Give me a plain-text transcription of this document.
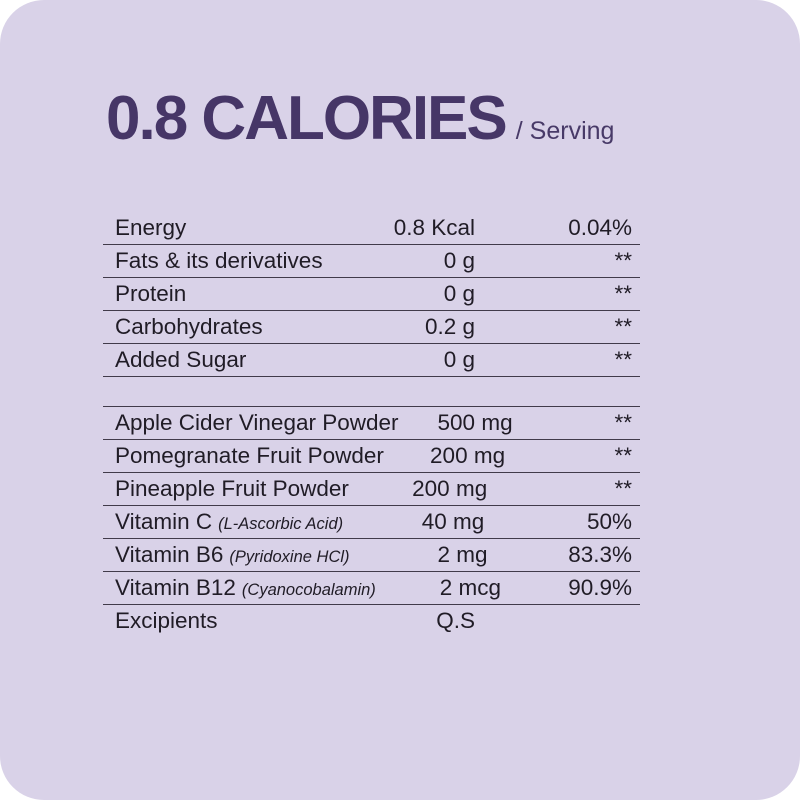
0.8 CALORIES / Serving
Energy	0.8 Kcal	0.04%
Fats & its derivatives	0 g	**
Protein	0 g	**
Carbohydrates	0.2 g	**
Added Sugar	0 g	**
Apple Cider Vinegar Powder	500 mg	**
Pomegranate Fruit Powder	200 mg	**
Pineapple Fruit Powder	200 mg	**
Vitamin C (L-Ascorbic Acid)	40 mg	50%
Vitamin B6 (Pyridoxine HCl)	2 mg	83.3%
Vitamin B12 (Cyanocobalamin)	2 mcg	90.9%
Excipients	Q.S
